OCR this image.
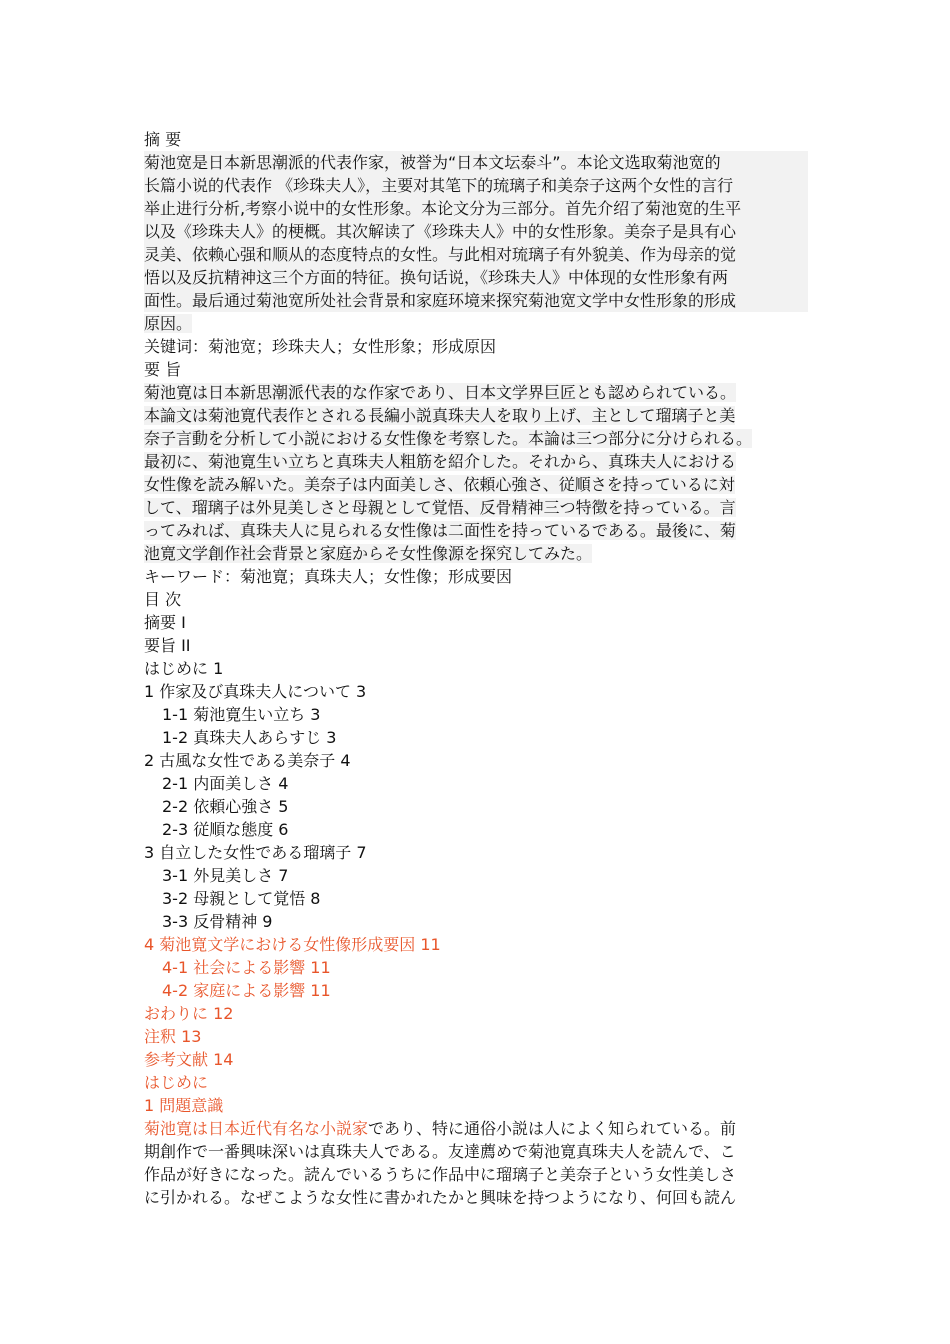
摘 要
菊池宽是日本新思潮派的代表作家，被誉为“日本文坛泰斗”。本论文选取菊池宽的
长篇小说的代表作 《珍珠夫人》，主要对其笔下的琉璃子和美奈子这两个女性的言行
举止进行分析,考察小说中的女性形象。本论文分为三部分。首先介绍了菊池宽的生平
以及《珍珠夫人》的梗概。其次解读了《珍珠夫人》中的女性形象。美奈子是具有心
灵美、依赖心强和顺从的态度特点的女性。与此相对琉璃子有外貌美、作为母亲的觉
悟以及反抗精神这三个方面的特征。换句话说，《珍珠夫人》中体现的女性形象有两
面性。最后通过菊池宽所处社会背景和家庭环境来探究菊池宽文学中女性形象的形成
原因。
关键词：菊池宽；珍珠夫人；女性形象；形成原因
要 旨
菊池寛は日本新思潮派代表的な作家であり、日本文学界巨匠とも認められている。
本論文は菊池寛代表作とされる長編小説真珠夫人を取り上げ、主として瑠璃子と美
奈子言動を分析して小説における女性像を考察した。本論は三つ部分に分けられる。
最初に、菊池寛生い立ちと真珠夫人粗筋を紹介した。それから、真珠夫人における
女性像を読み解いた。美奈子は内面美しさ、依頼心強さ、従順さを持っているに対
して、瑠璃子は外見美しさと母親として覚悟、反骨精神三つ特徴を持っている。言
ってみれば、真珠夫人に見られる女性像は二面性を持っているである。最後に、菊
池寛文学創作社会背景と家庭からそ女性像源を探究してみた。
キーワード：菊池寛；真珠夫人；女性像；形成要因
目 次
摘要 I
要旨 II
はじめに 1
1 作家及び真珠夫人について 3
1-1 菊池寛生い立ち 3
1-2 真珠夫人あらすじ 3
2 古風な女性である美奈子 4
2-1 内面美しさ 4
2-2 依頼心強さ 5
2-3 従順な態度 6
3 自立した女性である瑠璃子 7
3-1 外見美しさ 7
3-2 母親として覚悟 8
3-3 反骨精神 9
4 菊池寛文学における女性像形成要因 11
4-1 社会による影響 11
4-2 家庭による影響 11
おわりに 12
注釈 13
参考文献 14
はじめに
1 問題意識
菊池寛は日本近代有名な小説家であり、特に通俗小説は人によく知られている。前
期創作で一番興味深いは真珠夫人である。友達薦めで菊池寛真珠夫人を読んで、こ
作品が好きになった。読んでいるうちに作品中に瑠璃子と美奈子という女性美しさ
に引かれる。なぜこような女性に書かれたかと興味を持つようになり、何回も読ん
